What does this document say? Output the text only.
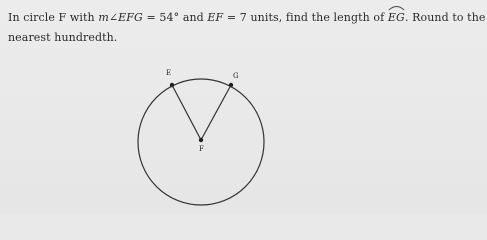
In circle F with m∠EFG = 54° and EF = 7 units, find the length of
EG. Round to the
nearest hundredth.
E	G
F
